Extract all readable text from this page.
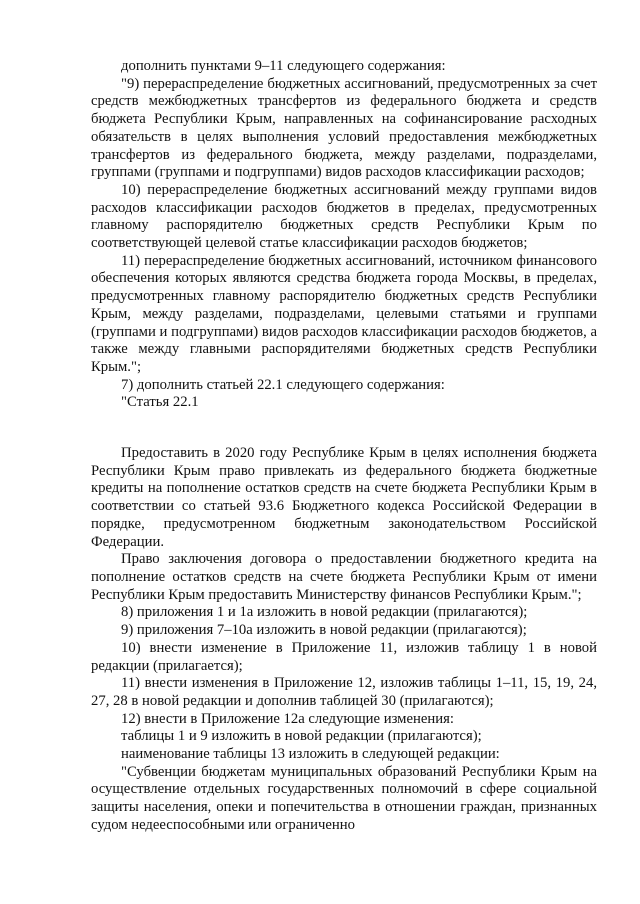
дополнить пунктами 9–11 следующего содержания:

"9) перераспределение бюджетных ассигнований, предусмотренных за счет средств межбюджетных трансфертов из федерального бюджета и средств бюджета Республики Крым, направленных на софинансирование расходных обязательств в целях выполнения условий предоставления межбюджетных трансфертов из федерального бюджета, между разделами, подразделами, группами (группами и подгруппами) видов расходов классификации расходов;

10) перераспределение бюджетных ассигнований между группами видов расходов классификации расходов бюджетов в пределах, предусмотренных главному распорядителю бюджетных средств Республики Крым по соответствующей целевой статье классификации расходов бюджетов;

11) перераспределение бюджетных ассигнований, источником финансового обеспечения которых являются средства бюджета города Москвы, в пределах, предусмотренных главному распорядителю бюджетных средств Республики Крым, между разделами, подразделами, целевыми статьями и группами (группами и подгруппами) видов расходов классификации расходов бюджетов, а также между главными распорядителями бюджетных средств Республики Крым.";

7) дополнить статьей 22.1 следующего содержания:

"Статья 22.1

Предоставить в 2020 году Республике Крым в целях исполнения бюджета Республики Крым право привлекать из федерального бюджета бюджетные кредиты на пополнение остатков средств на счете бюджета Республики Крым в соответствии со статьей 93.6 Бюджетного кодекса Российской Федерации в порядке, предусмотренном бюджетным законодательством Российской Федерации.

Право заключения договора о предоставлении бюджетного кредита на пополнение остатков средств на счете бюджета Республики Крым от имени Республики Крым предоставить Министерству финансов Республики Крым.";

8) приложения 1 и 1а изложить в новой редакции (прилагаются);

9) приложения 7–10а изложить в новой редакции (прилагаются);

10) внести изменение в Приложение 11, изложив таблицу 1 в новой редакции (прилагается);

11) внести изменения в Приложение 12, изложив таблицы 1–11, 15, 19, 24, 27, 28 в новой редакции и дополнив таблицей 30 (прилагаются);

12) внести в Приложение 12а следующие изменения:

таблицы 1 и 9 изложить в новой редакции (прилагаются);

наименование таблицы 13 изложить в следующей редакции:

"Субвенции бюджетам муниципальных образований Республики Крым на осуществление отдельных государственных полномочий в сфере социальной защиты населения, опеки и попечительства в отношении граждан, признанных судом недееспособными или ограниченно
